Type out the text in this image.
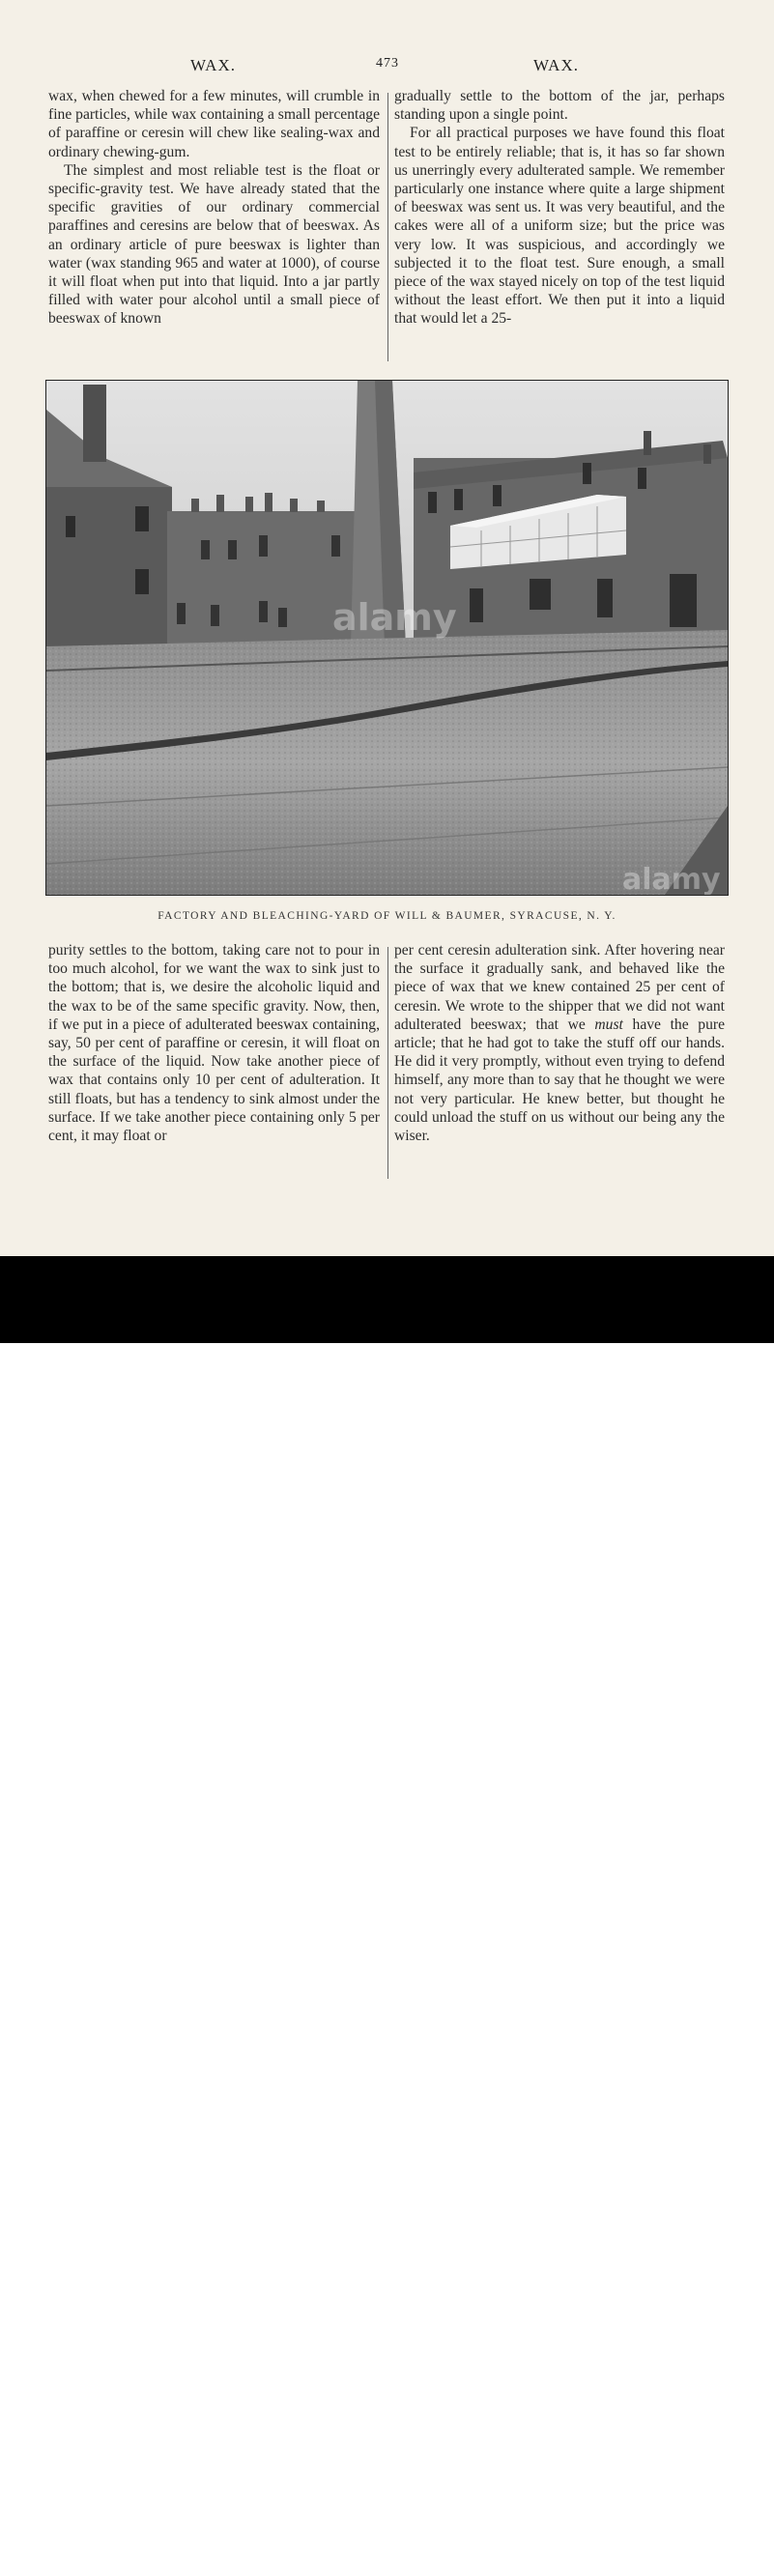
WAX.	473	WAX.

wax, when chewed for a few minutes, will crumble in fine particles, while wax containing a small percentage of paraffine or ceresin will chew like sealing-wax and ordinary chewing-gum.

The simplest and most reliable test is the float or specific-gravity test. We have already stated that the specific gravities of our ordinary commercial paraffines and ceresins are below that of beeswax. As an ordinary article of pure beeswax is lighter than water (wax standing 965 and water at 1000), of course it will float when put into that liquid. Into a jar partly filled with water pour alcohol until a small piece of beeswax of known

gradually settle to the bottom of the jar, perhaps standing upon a single point.

For all practical purposes we have found this float test to be entirely reliable; that is, it has so far shown us unerringly every adulterated sample. We remember particularly one instance where quite a large shipment of beeswax was sent us. It was very beautiful, and the cakes were all of a uniform size; but the price was very low. It was suspicious, and accordingly we subjected it to the float test. Sure enough, a small piece of the wax stayed nicely on top of the test liquid without the least effort. We then put it into a liquid that would let a 25-

alamy
alamy
FACTORY AND BLEACHING-YARD OF WILL & BAUMER, SYRACUSE, N. Y.

purity settles to the bottom, taking care not to pour in too much alcohol, for we want the wax to sink just to the bottom; that is, we desire the alcoholic liquid and the wax to be of the same specific gravity. Now, then, if we put in a piece of adulterated beeswax containing, say, 50 per cent of paraffine or ceresin, it will float on the surface of the liquid. Now take another piece of wax that contains only 10 per cent of adulteration. It still floats, but has a tendency to sink almost under the surface. If we take another piece containing only 5 per cent, it may float or

per cent ceresin adulteration sink. After hovering near the surface it gradually sank, and behaved like the piece of wax that we knew contained 25 per cent of ceresin. We wrote to the shipper that we did not want adulterated beeswax; that we must have the pure article; that he had got to take the stuff off our hands. He did it very promptly, without even trying to defend himself, any more than to say that he thought we were not very particular. He knew better, but thought he could unload the stuff on us without our being any the wiser.

alamy	Image ID: H38K5M
www.alamy.com
